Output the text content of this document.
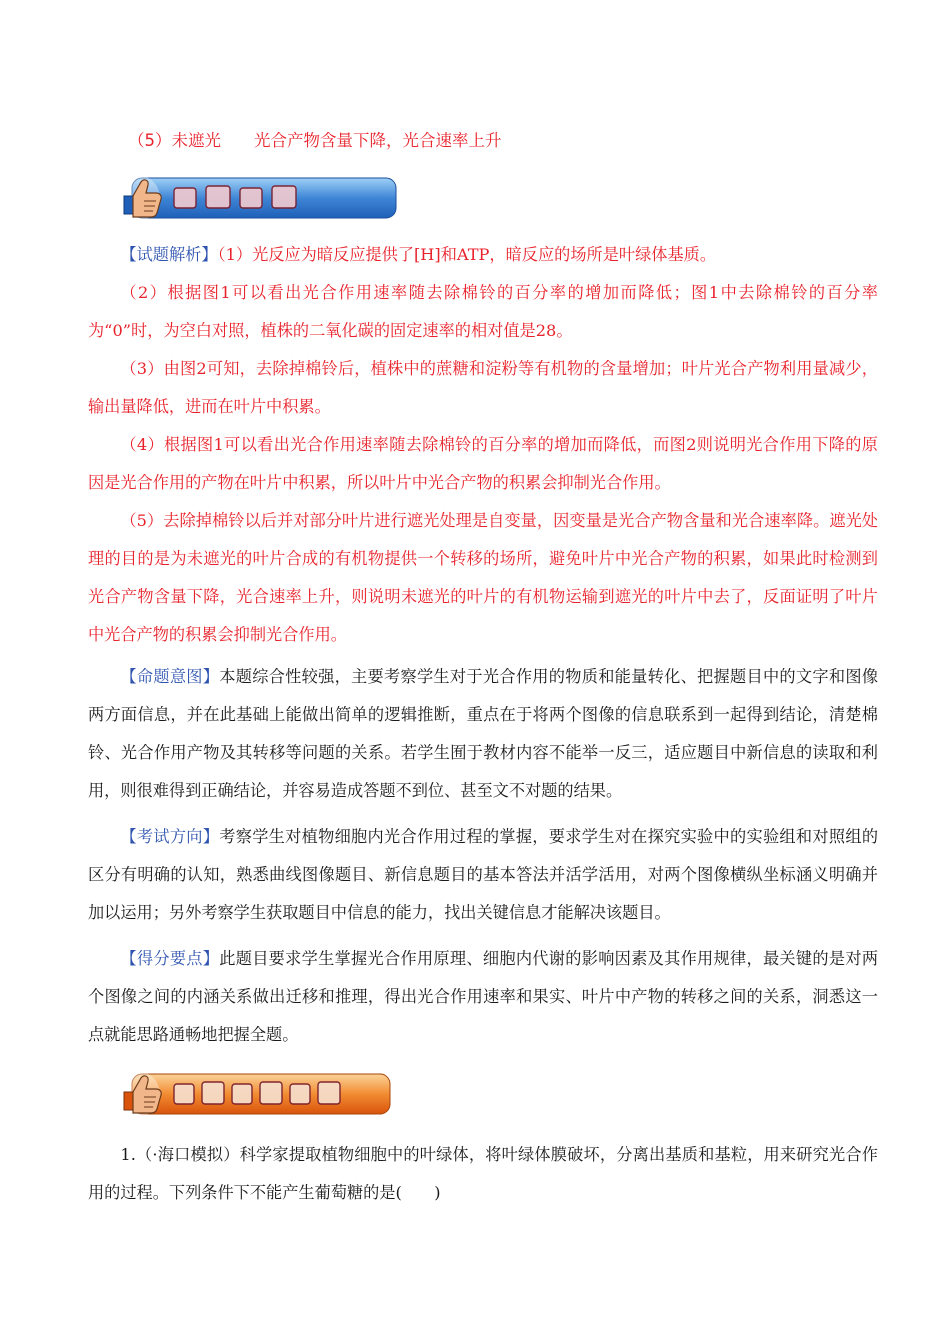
（5）未遮光　　光合产物含量下降，光合速率上升

【试题解析】（1）光反应为暗反应提供了[H]和ATP，暗反应的场所是叶绿体基质。

（2）根据图1可以看出光合作用速率随去除棉铃的百分率的增加而降低；图1中去除棉铃的百分率为“0”时，为空白对照，植株的二氧化碳的固定速率的相对值是28。

（3）由图2可知，去除掉棉铃后，植株中的蔗糖和淀粉等有机物的含量增加；叶片光合产物利用量减少，输出量降低，进而在叶片中积累。

（4）根据图1可以看出光合作用速率随去除棉铃的百分率的增加而降低，而图2则说明光合作用下降的原因是光合作用的产物在叶片中积累，所以叶片中光合产物的积累会抑制光合作用。

（5）去除掉棉铃以后并对部分叶片进行遮光处理是自变量，因变量是光合产物含量和光合速率降。遮光处理的目的是为未遮光的叶片合成的有机物提供一个转移的场所，避免叶片中光合产物的积累，如果此时检测到光合产物含量下降，光合速率上升，则说明未遮光的叶片的有机物运输到遮光的叶片中去了，反面证明了叶片中光合产物的积累会抑制光合作用。

【命题意图】本题综合性较强，主要考察学生对于光合作用的物质和能量转化、把握题目中的文字和图像两方面信息，并在此基础上能做出简单的逻辑推断，重点在于将两个图像的信息联系到一起得到结论，清楚棉铃、光合作用产物及其转移等问题的关系。若学生囿于教材内容不能举一反三，适应题目中新信息的读取和利用，则很难得到正确结论，并容易造成答题不到位、甚至文不对题的结果。

【考试方向】考察学生对植物细胞内光合作用过程的掌握，要求学生对在探究实验中的实验组和对照组的区分有明确的认知，熟悉曲线图像题目、新信息题目的基本答法并活学活用，对两个图像横纵坐标涵义明确并加以运用；另外考察学生获取题目中信息的能力，找出关键信息才能解决该题目。

【得分要点】此题目要求学生掌握光合作用原理、细胞内代谢的影响因素及其作用规律，最关键的是对两个图像之间的内涵关系做出迁移和推理，得出光合作用速率和果实、叶片中产物的转移之间的关系，洞悉这一点就能思路通畅地把握全题。

1.（·海口模拟）科学家提取植物细胞中的叶绿体，将叶绿体膜破坏，分离出基质和基粒，用来研究光合作用的过程。下列条件下不能产生葡萄糖的是(　　)
